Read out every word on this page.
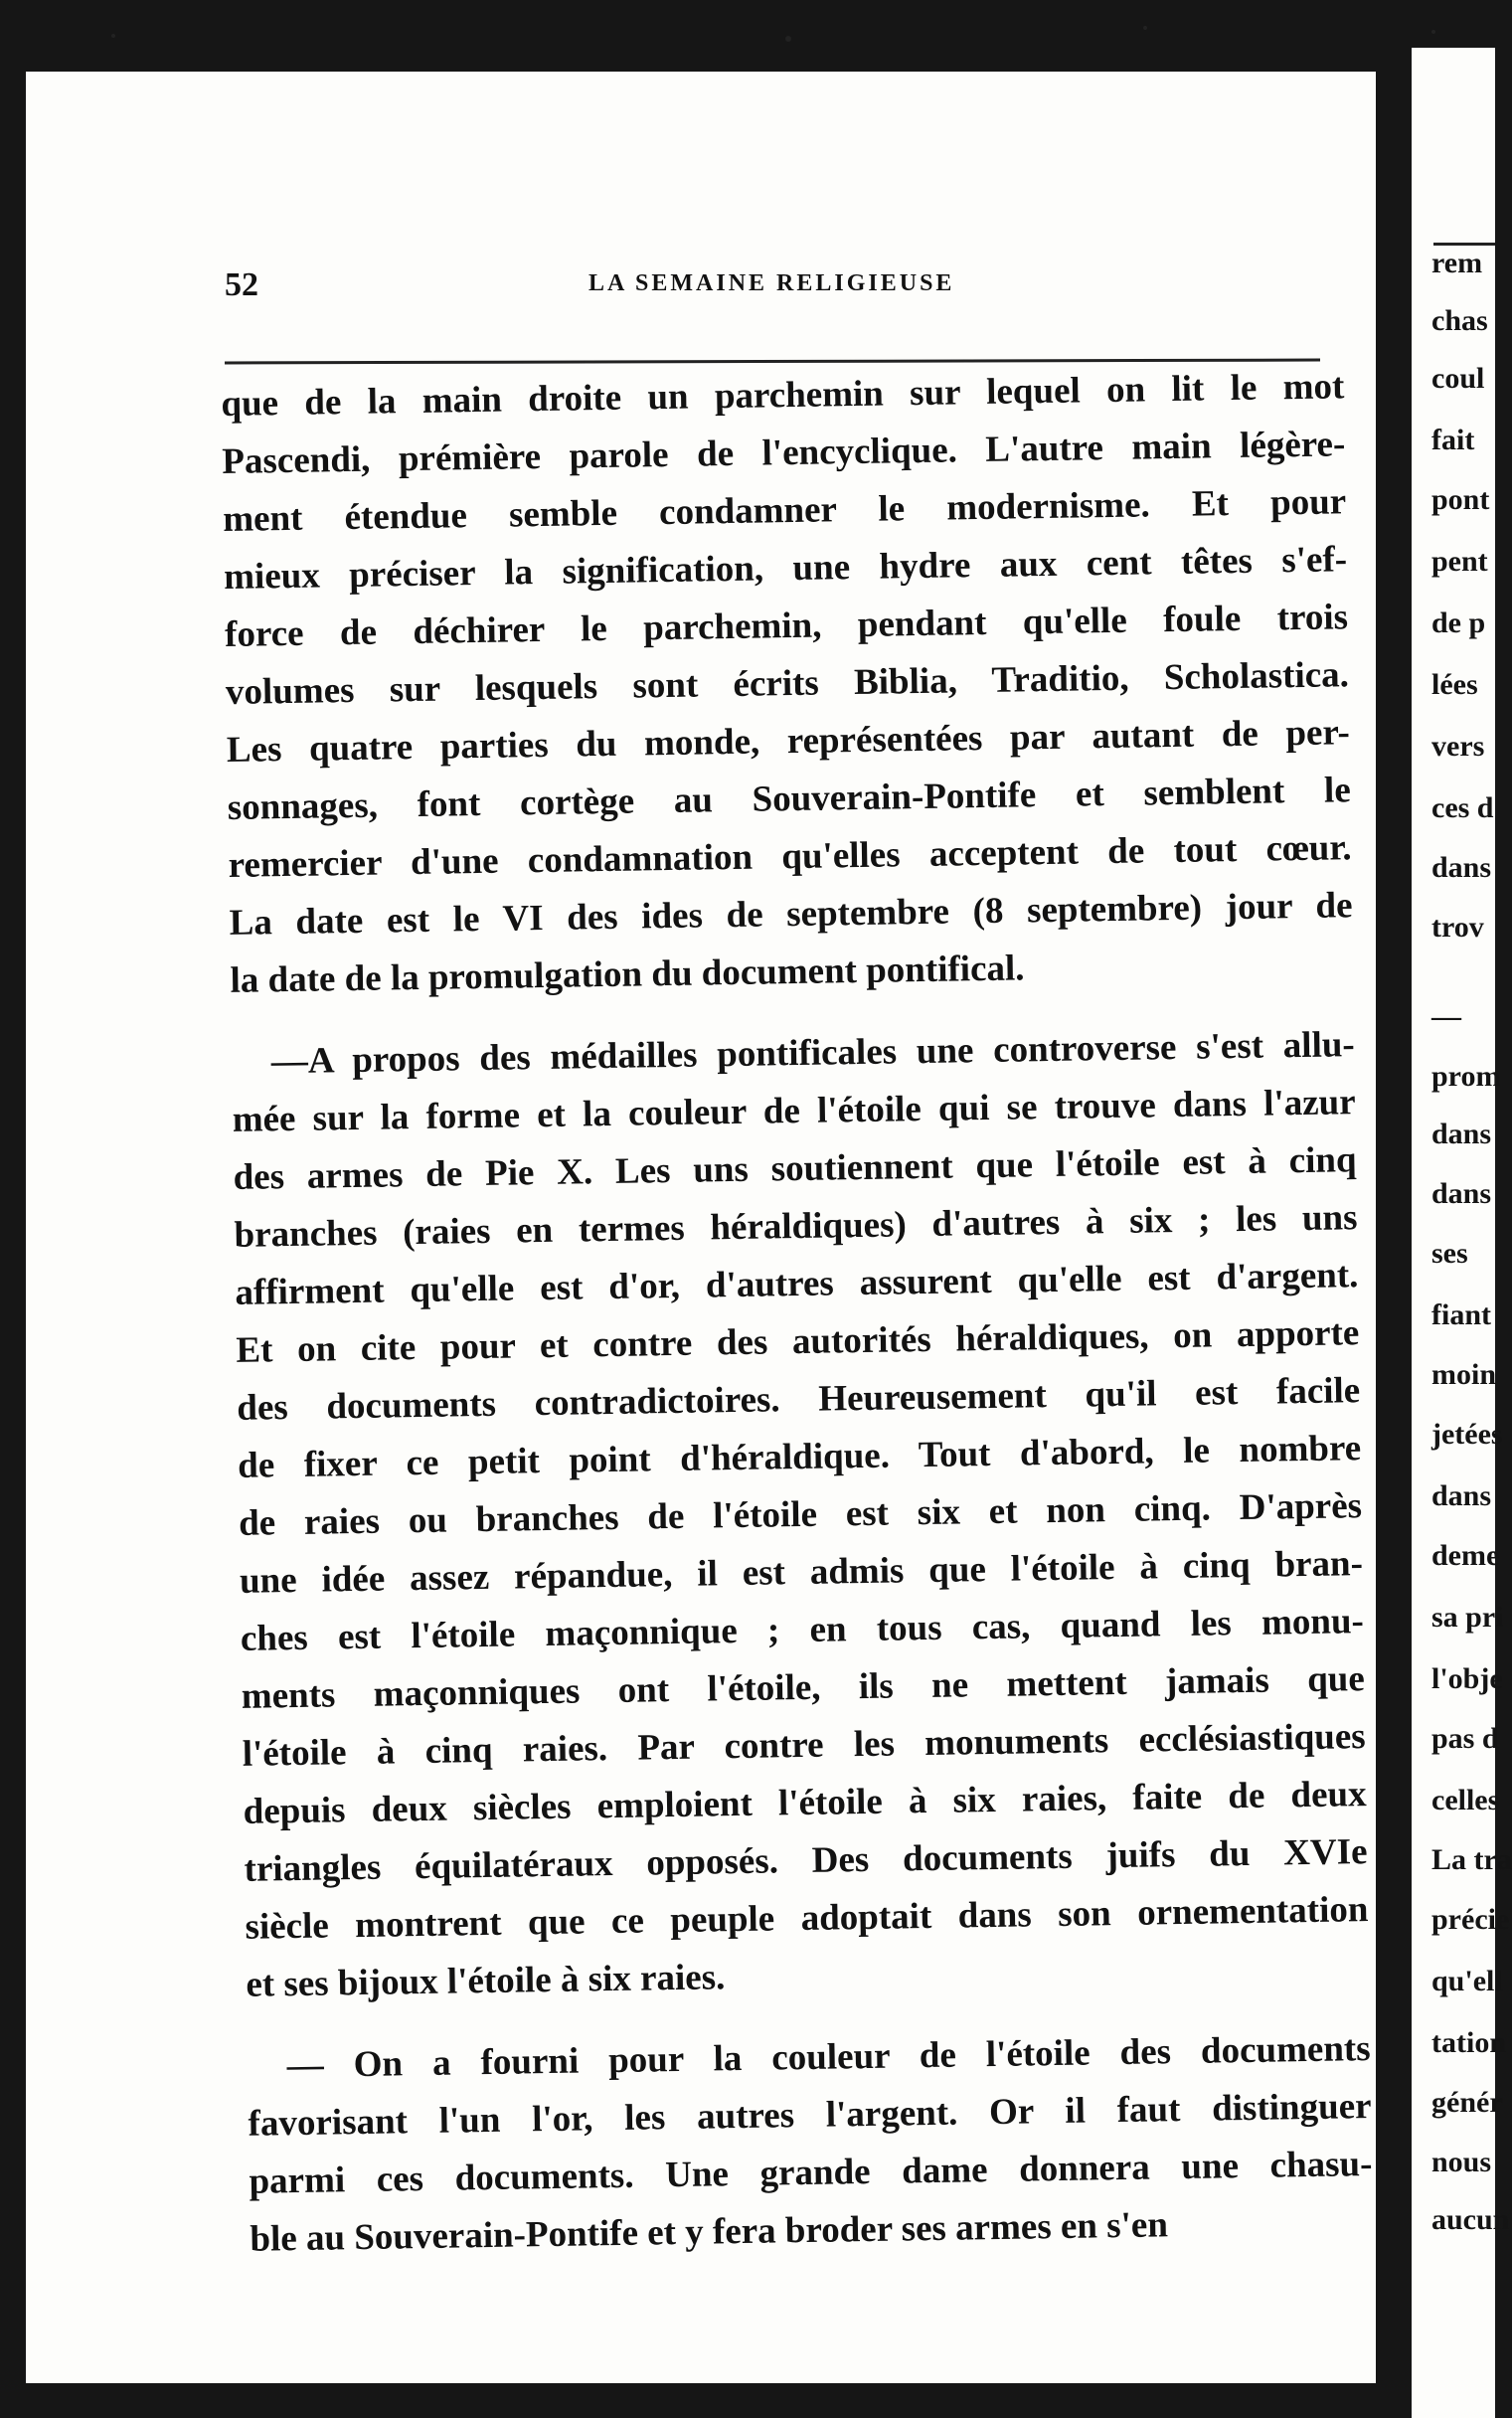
52	LA SEMAINE RELIGIEUSE
que de la main droite un parchemin sur lequel on lit le mot
Pascendi, prémière parole de l'encyclique. L'autre main légère-
ment étendue semble condamner le modernisme. Et pour
mieux préciser la signification, une hydre aux cent têtes s'ef-
force de déchirer le parchemin, pendant qu'elle foule trois
volumes sur lesquels sont écrits Biblia, Traditio, Scholastica.
Les quatre parties du monde, représentées par autant de per-
sonnages, font cortège au Souverain-Pontife et semblent le
remercier d'une condamnation qu'elles acceptent de tout cœur.
La date est le VI des ides de septembre (8 septembre) jour de
la date de la promulgation du document pontifical.
—A propos des médailles pontificales une controverse s'est allu-
mée sur la forme et la couleur de l'étoile qui se trouve dans l'azur
des armes de Pie X. Les uns soutiennent que l'étoile est à cinq
branches (raies en termes héraldiques) d'autres à six ; les uns
affirment qu'elle est d'or, d'autres assurent qu'elle est d'argent.
Et on cite pour et contre des autorités héraldiques, on apporte
des documents contradictoires. Heureusement qu'il est facile
de fixer ce petit point d'héraldique. Tout d'abord, le nombre
de raies ou branches de l'étoile est six et non cinq. D'après
une idée assez répandue, il est admis que l'étoile à cinq bran-
ches est l'étoile maçonnique ; en tous cas, quand les monu-
ments maçonniques ont l'étoile, ils ne mettent jamais que
l'étoile à cinq raies. Par contre les monuments ecclésiastiques
depuis deux siècles emploient l'étoile à six raies, faite de deux
triangles équilatéraux opposés. Des documents juifs du XVIe
siècle montrent que ce peuple adoptait dans son ornementation
et ses bijoux l'étoile à six raies.
— On a fourni pour la couleur de l'étoile des documents
favorisant l'un l'or, les autres l'argent. Or il faut distinguer
parmi ces documents. Une grande dame donnera une chasu-
ble au Souverain-Pontife et y fera broder ses armes en s'en
rem
chas
coul
fait
pont
pent
de p
lées
vers
ces d
dans
trov
—
prom
dans
dans
ses
fiant
moin
jetées
dans
deme
sa pri
l'obje
pas d
celles
La tra
précie
qu'ell
tation
génér
nous
aucun
